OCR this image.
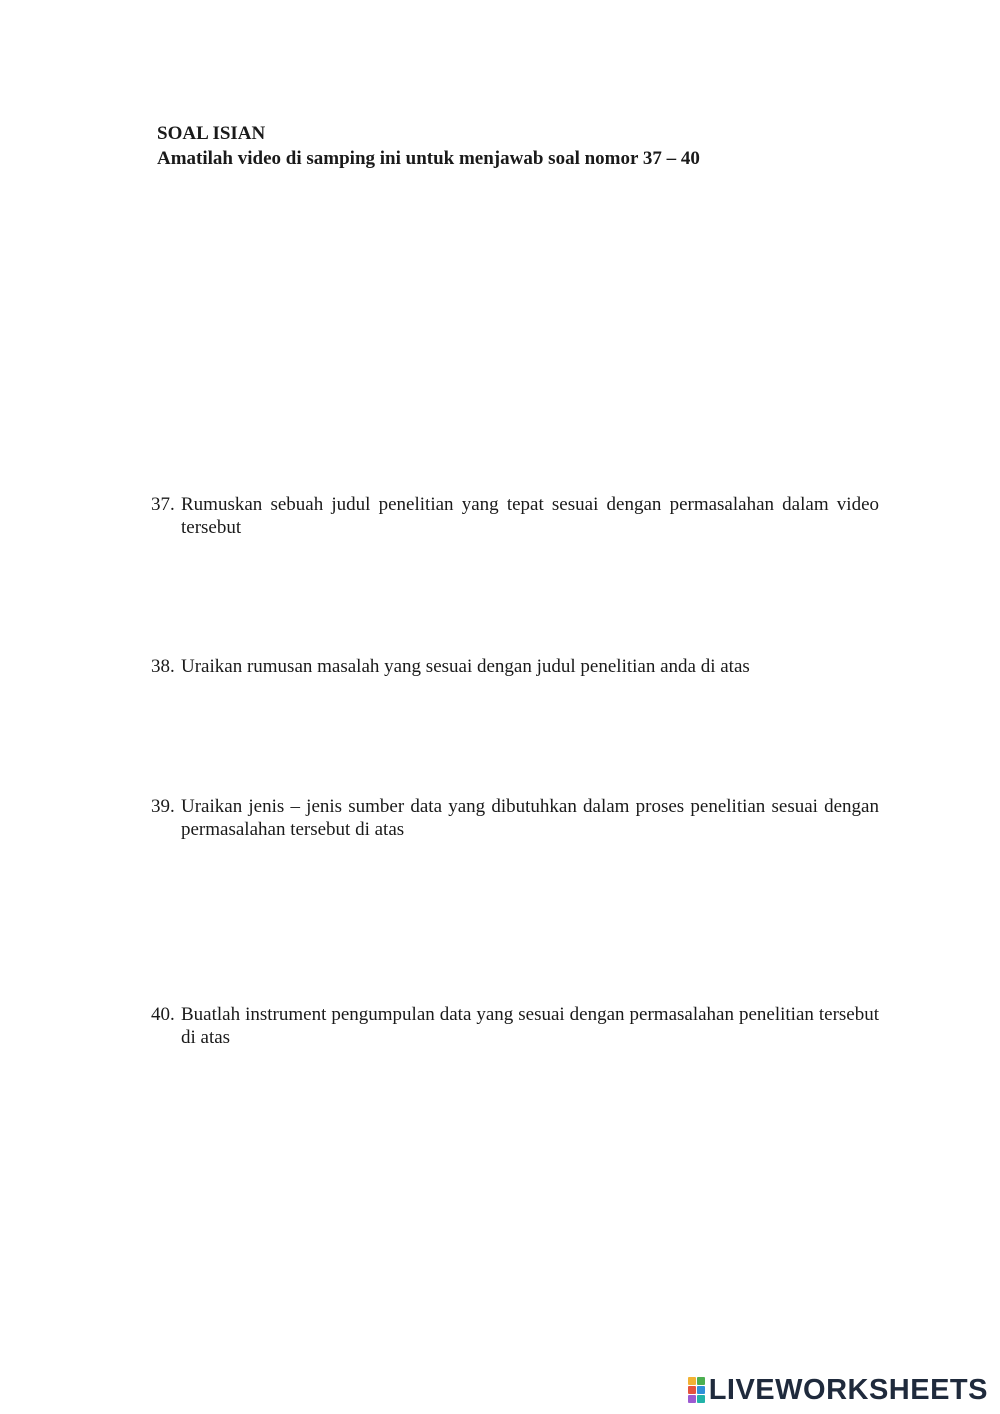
SOAL ISIAN
Amatilah video di samping ini untuk menjawab soal nomor 37 – 40
37. Rumuskan sebuah judul penelitian yang tepat sesuai dengan permasalahan dalam video tersebut
38. Uraikan rumusan masalah yang sesuai dengan judul penelitian anda di atas
39. Uraikan jenis – jenis sumber data yang dibutuhkan dalam proses penelitian sesuai dengan permasalahan tersebut di atas
40. Buatlah instrument pengumpulan data yang sesuai dengan permasalahan penelitian tersebut di atas
LIVEWORKSHEETS
